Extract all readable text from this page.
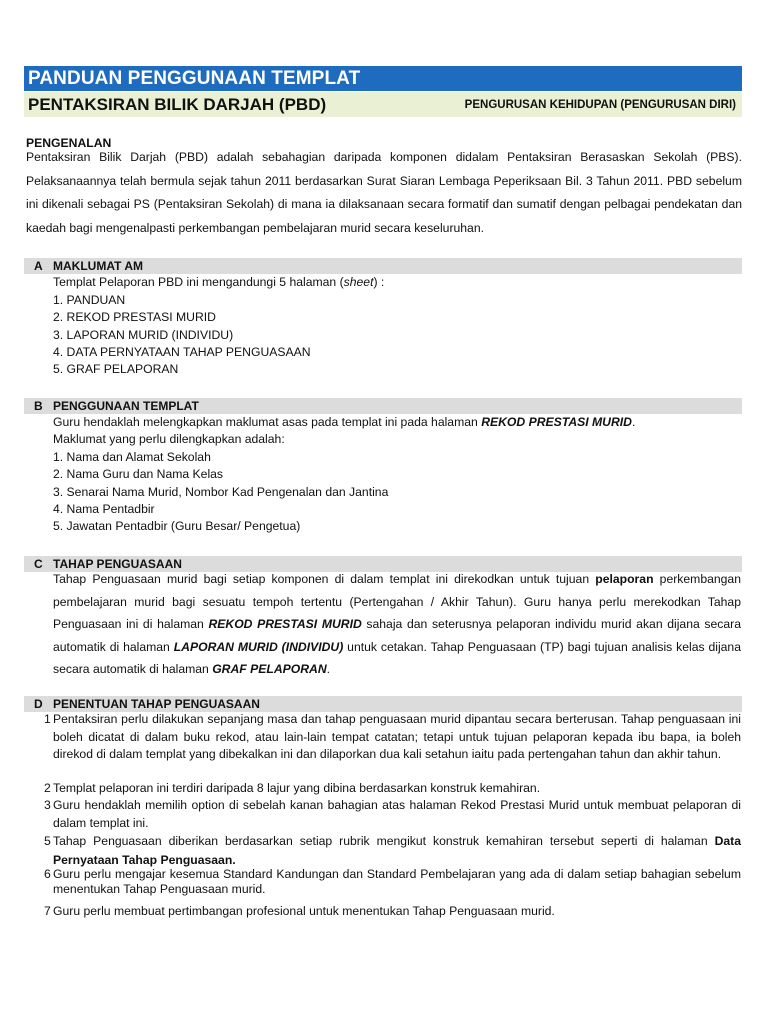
PANDUAN PENGGUNAAN TEMPLAT
PENTAKSIRAN BILIK DARJAH (PBD)	PENGURUSAN KEHIDUPAN (PENGURUSAN DIRI)
PENGENALAN
Pentaksiran Bilik Darjah (PBD) adalah sebahagian daripada komponen didalam Pentaksiran Berasaskan Sekolah (PBS). Pelaksanaannya telah bermula sejak tahun 2011 berdasarkan Surat Siaran Lembaga Peperiksaan Bil. 3 Tahun 2011. PBD sebelum ini dikenali sebagai PS (Pentaksiran Sekolah) di mana ia dilaksanaan secara formatif dan sumatif dengan pelbagai pendekatan dan kaedah bagi mengenalpasti perkembangan pembelajaran murid secara keseluruhan.
A MAKLUMAT AM
Templat Pelaporan PBD ini mengandungi 5 halaman (sheet) :
1. PANDUAN
2. REKOD PRESTASI MURID
3. LAPORAN MURID (INDIVIDU)
4. DATA PERNYATAAN TAHAP PENGUASAAN
5. GRAF PELAPORAN
B PENGGUNAAN TEMPLAT
Guru hendaklah melengkapkan maklumat asas pada templat ini pada halaman REKOD PRESTASI MURID.
Maklumat yang perlu dilengkapkan adalah:
1. Nama dan Alamat Sekolah
2. Nama Guru dan Nama Kelas
3. Senarai Nama Murid, Nombor Kad Pengenalan dan Jantina
4. Nama Pentadbir
5. Jawatan Pentadbir (Guru Besar/ Pengetua)
C TAHAP PENGUASAAN
Tahap Penguasaan murid bagi setiap komponen di dalam templat ini direkodkan untuk tujuan pelaporan perkembangan pembelajaran murid bagi sesuatu tempoh tertentu (Pertengahan / Akhir Tahun). Guru hanya perlu merekodkan Tahap Penguasaan ini di halaman REKOD PRESTASI MURID sahaja dan seterusnya pelaporan individu murid akan dijana secara automatik di halaman LAPORAN MURID (INDIVIDU) untuk cetakan. Tahap Penguasaan (TP) bagi tujuan analisis kelas dijana secara automatik di halaman GRAF PELAPORAN.
D PENENTUAN TAHAP PENGUASAAN
1 Pentaksiran perlu dilakukan sepanjang masa dan tahap penguasaan murid dipantau secara berterusan. Tahap penguasaan ini boleh dicatat di dalam buku rekod, atau lain-lain tempat catatan; tetapi untuk tujuan pelaporan kepada ibu bapa, ia boleh direkod di dalam templat yang dibekalkan ini dan dilaporkan dua kali setahun iaitu pada pertengahan tahun dan akhir tahun.
2 Templat pelaporan ini terdiri daripada 8 lajur yang dibina berdasarkan konstruk kemahiran.
3 Guru hendaklah memilih option di sebelah kanan bahagian atas halaman Rekod Prestasi Murid untuk membuat pelaporan di dalam templat ini.
5 Tahap Penguasaan diberikan berdasarkan setiap rubrik mengikut konstruk kemahiran tersebut seperti di halaman Data Pernyataan Tahap Penguasaan.
6 Guru perlu mengajar kesemua Standard Kandungan dan Standard Pembelajaran yang ada di dalam setiap bahagian sebelum menentukan Tahap Penguasaan murid.
7 Guru perlu membuat pertimbangan profesional untuk menentukan Tahap Penguasaan murid.
